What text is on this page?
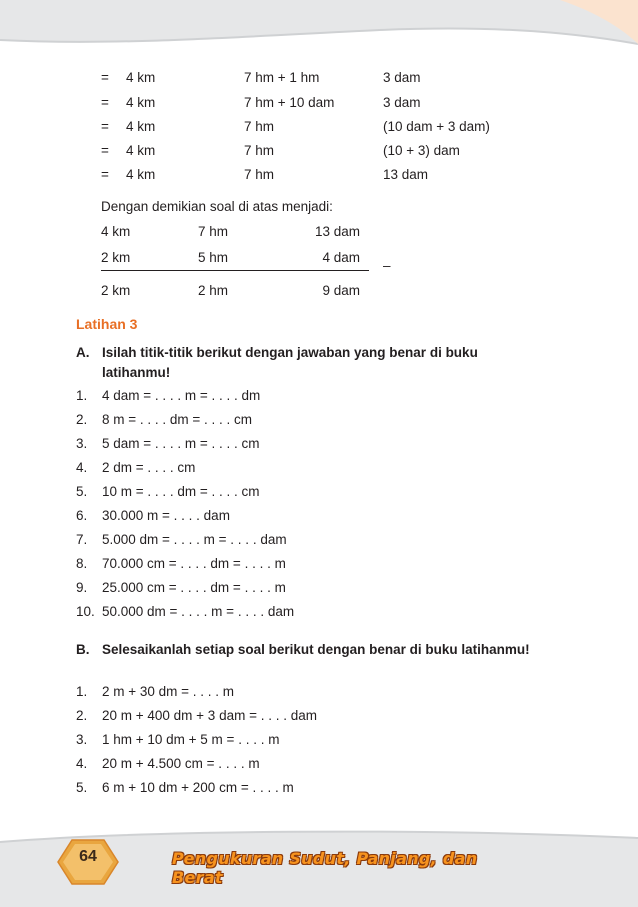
= 4 km	7 hm + 1 hm	3 dam
= 4 km	7 hm + 10 dam	3 dam
= 4 km	7 hm	(10 dam + 3 dam)
= 4 km	7 hm	(10 + 3) dam
= 4 km	7 hm	13 dam
Dengan demikian soal di atas menjadi:
4 km	7 hm	13 dam
2 km	5 hm	4 dam
–
2 km	2 hm	9 dam
Latihan 3
A. Isilah titik-titik berikut dengan jawaban yang benar di buku latihanmu!
1. 4 dam = . . . . m = . . . . dm
2. 8 m = . . . . dm = . . . . cm
3. 5 dam = . . . . m = . . . . cm
4. 2 dm = . . . . cm
5. 10 m = . . . . dm = . . . . cm
6. 30.000 m = . . . . dam
7. 5.000 dm = . . . . m = . . . . dam
8. 70.000 cm = . . . . dm = . . . . m
9. 25.000 cm = . . . . dm = . . . . m
10. 50.000 dm = . . . . m = . . . . dam
B. Selesaikanlah setiap soal berikut dengan benar di buku latihanmu!
1. 2 m + 30 dm = . . . . m
2. 20 m + 400 dm + 3 dam = . . . . dam
3. 1 hm + 10 dm + 5 m = . . . . m
4. 20 m + 4.500 cm = . . . . m
5. 6 m + 10 dm + 200 cm = . . . . m
64	Pengukuran Sudut, Panjang, dan Berat
